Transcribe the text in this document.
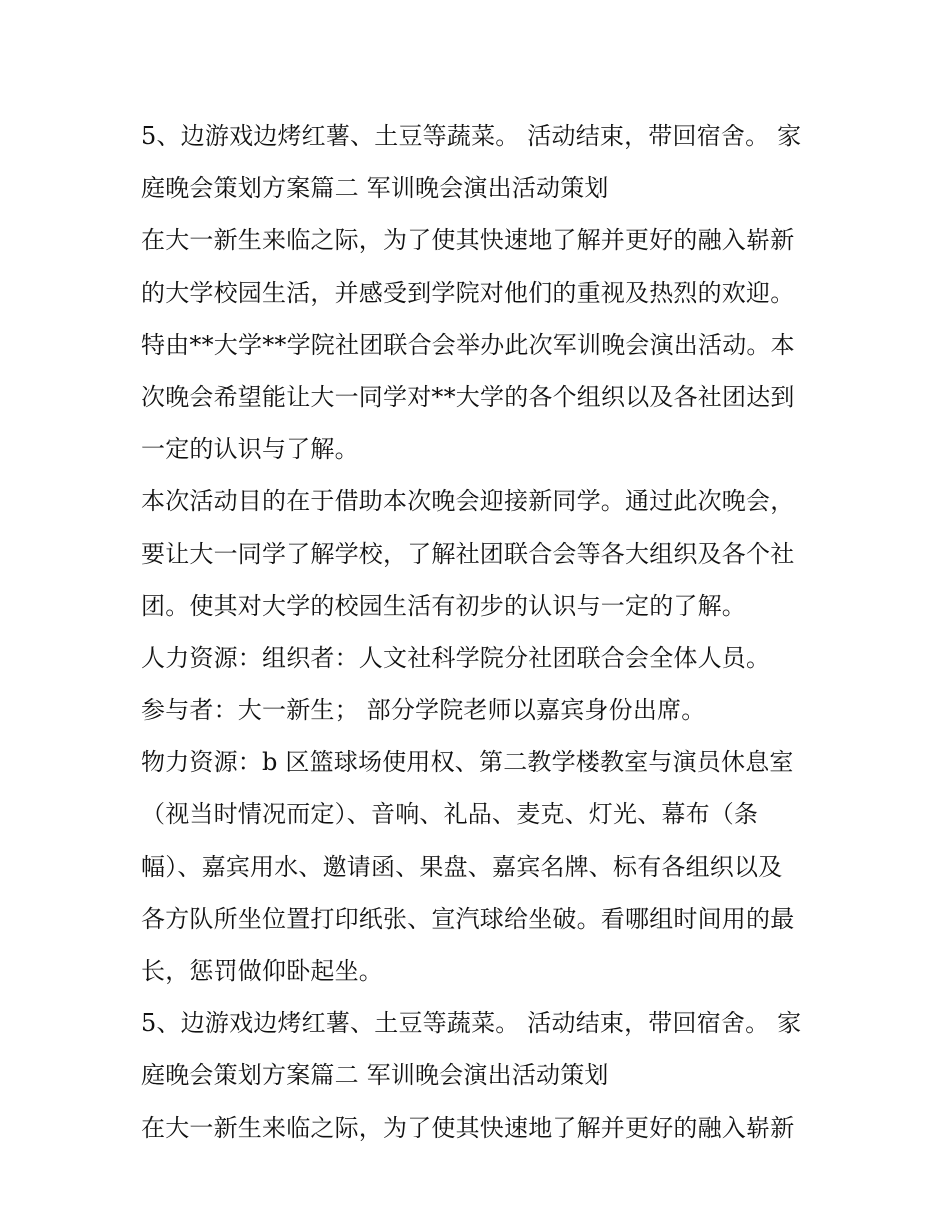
5、边游戏边烤红薯、土豆等蔬菜。 活动结束，带回宿舍。 家
庭晚会策划方案篇二 军训晚会演出活动策划
在大一新生来临之际，为了使其快速地了解并更好的融入崭新
的大学校园生活，并感受到学院对他们的重视及热烈的欢迎。
特由**大学**学院社团联合会举办此次军训晚会演出活动。本
次晚会希望能让大一同学对**大学的各个组织以及各社团达到
一定的认识与了解。
本次活动目的在于借助本次晚会迎接新同学。通过此次晚会，
要让大一同学了解学校，了解社团联合会等各大组织及各个社
团。使其对大学的校园生活有初步的认识与一定的了解。
人力资源：组织者：人文社科学院分社团联合会全体人员。
参与者：大一新生； 部分学院老师以嘉宾身份出席。
物力资源：b 区篮球场使用权、第二教学楼教室与演员休息室
（视当时情况而定）、音响、礼品、麦克、灯光、幕布（条
幅）、嘉宾用水、邀请函、果盘、嘉宾名牌、标有各组织以及
各方队所坐位置打印纸张、宣汽球给坐破。看哪组时间用的最
长，惩罚做仰卧起坐。
5、边游戏边烤红薯、土豆等蔬菜。 活动结束，带回宿舍。 家
庭晚会策划方案篇二 军训晚会演出活动策划
在大一新生来临之际，为了使其快速地了解并更好的融入崭新
